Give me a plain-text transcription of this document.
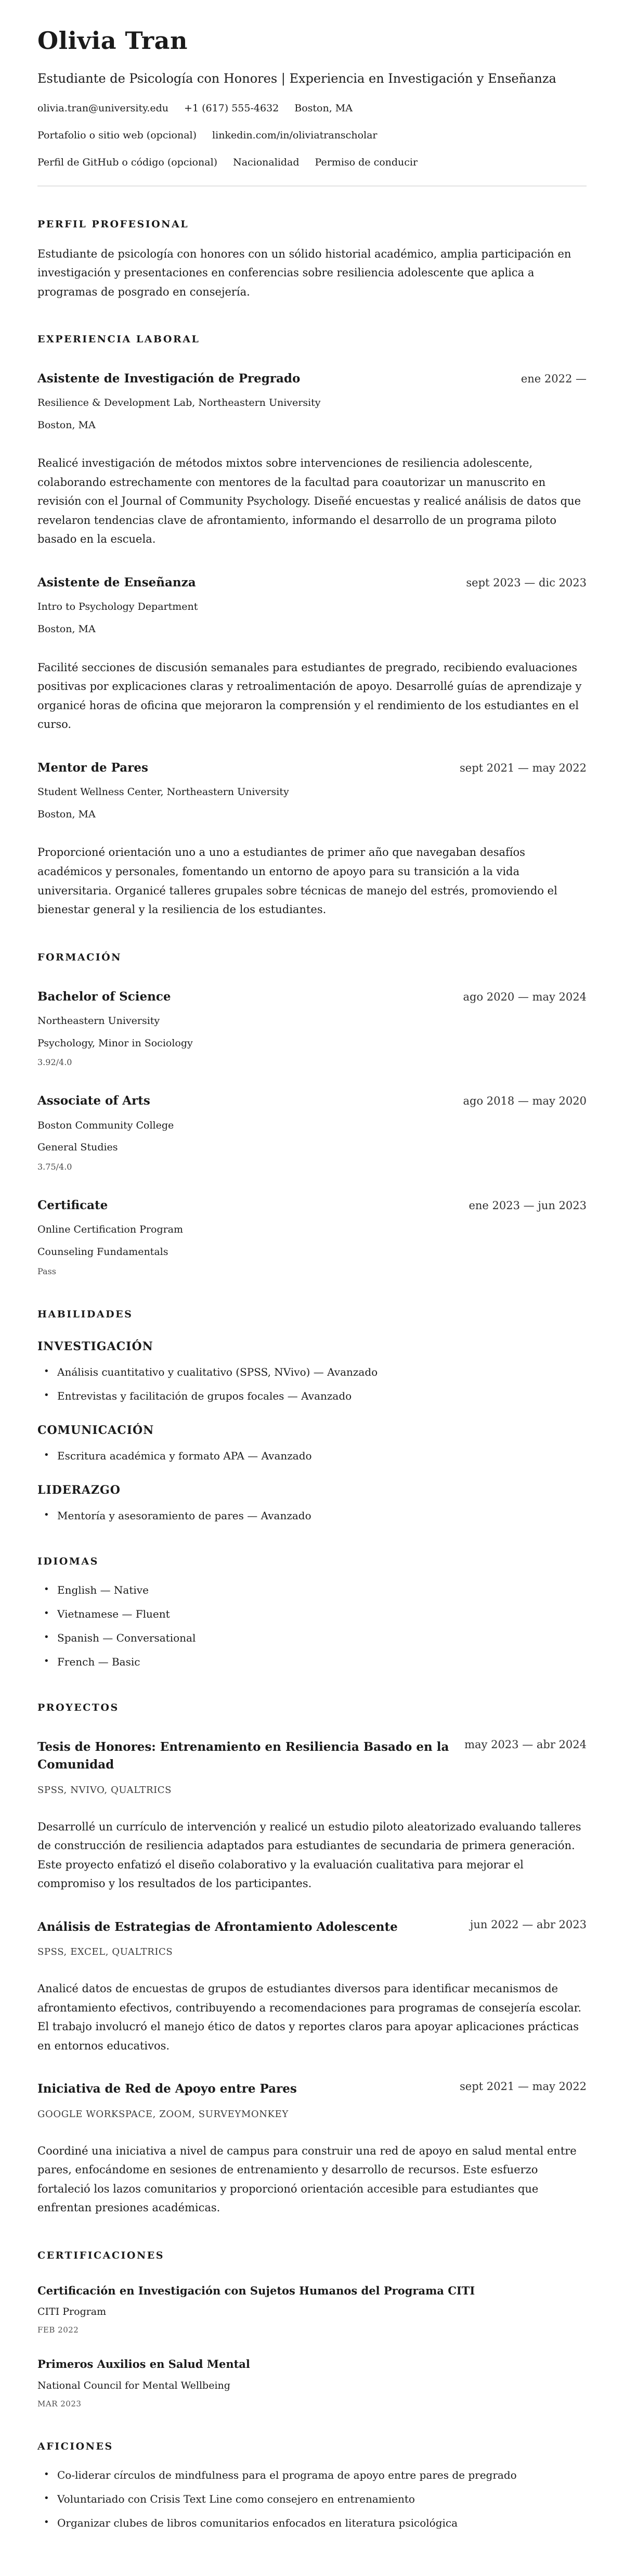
Olivia Tran
Estudiante de Psicología con Honores | Experiencia en Investigación y Enseñanza
olivia.tran@university.edu +1 (617) 555-4632 Boston, MA
Portafolio o sitio web (opcional) linkedin.com/in/oliviatranscholar
Perfil de GitHub o código (opcional) Nacionalidad Permiso de conducir
PERFIL PROFESIONAL

Estudiante de psicología con honores con un sólido historial académico, amplia participación en investigación y presentaciones en conferencias sobre resiliencia adolescente que aplica a programas de posgrado en consejería.

EXPERIENCIA LABORAL
Asistente de Investigación de Pregrado	ene 2022 —
Resilience & Development Lab, Northeastern University
Boston, MA

Realicé investigación de métodos mixtos sobre intervenciones de resiliencia adolescente, colaborando estrechamente con mentores de la facultad para coautorizar un manuscrito en revisión con el Journal of Community Psychology. Diseñé encuestas y realicé análisis de datos que revelaron tendencias clave de afrontamiento, informando el desarrollo de un programa piloto basado en la escuela.

Asistente de Enseñanza	sept 2023 — dic 2023
Intro to Psychology Department
Boston, MA

Facilité secciones de discusión semanales para estudiantes de pregrado, recibiendo evaluaciones positivas por explicaciones claras y retroalimentación de apoyo. Desarrollé guías de aprendizaje y organicé horas de oficina que mejoraron la comprensión y el rendimiento de los estudiantes en el curso.

Mentor de Pares	sept 2021 — may 2022
Student Wellness Center, Northeastern University
Boston, MA

Proporcioné orientación uno a uno a estudiantes de primer año que navegaban desafíos académicos y personales, fomentando un entorno de apoyo para su transición a la vida universitaria. Organicé talleres grupales sobre técnicas de manejo del estrés, promoviendo el bienestar general y la resiliencia de los estudiantes.

FORMACIÓN
Bachelor of Science	ago 2020 — may 2024
Northeastern University
Psychology, Minor in Sociology
3.92/4.0
Associate of Arts	ago 2018 — may 2020
Boston Community College
General Studies
3.75/4.0
Certificate	ene 2023 — jun 2023
Online Certification Program
Counseling Fundamentals
Pass
HABILIDADES
INVESTIGACIÓN
• Análisis cuantitativo y cualitativo (SPSS, NVivo) — Avanzado
• Entrevistas y facilitación de grupos focales — Avanzado
COMUNICACIÓN
• Escritura académica y formato APA — Avanzado
LIDERAZGO
• Mentoría y asesoramiento de pares — Avanzado
IDIOMAS
• English — Native
• Vietnamese — Fluent
• Spanish — Conversational
• French — Basic
PROYECTOS
Tesis de Honores: Entrenamiento en Resiliencia Basado en la Comunidad
may 2023 — abr 2024
SPSS, NVIVO, QUALTRICS

Desarrollé un currículo de intervención y realicé un estudio piloto aleatorizado evaluando talleres de construcción de resiliencia adaptados para estudiantes de secundaria de primera generación. Este proyecto enfatizó el diseño colaborativo y la evaluación cualitativa para mejorar el compromiso y los resultados de los participantes.

Análisis de Estrategias de Afrontamiento Adolescente	jun 2022 — abr 2023
SPSS, EXCEL, QUALTRICS

Analicé datos de encuestas de grupos de estudiantes diversos para identificar mecanismos de afrontamiento efectivos, contribuyendo a recomendaciones para programas de consejería escolar. El trabajo involucró el manejo ético de datos y reportes claros para apoyar aplicaciones prácticas en entornos educativos.

Iniciativa de Red de Apoyo entre Pares	sept 2021 — may 2022
GOOGLE WORKSPACE, ZOOM, SURVEYMONKEY

Coordiné una iniciativa a nivel de campus para construir una red de apoyo en salud mental entre pares, enfocándome en sesiones de entrenamiento y desarrollo de recursos. Este esfuerzo fortaleció los lazos comunitarios y proporcionó orientación accesible para estudiantes que enfrentan presiones académicas.

CERTIFICACIONES
Certificación en Investigación con Sujetos Humanos del Programa CITI
CITI Program
FEB 2022
Primeros Auxilios en Salud Mental
National Council for Mental Wellbeing
MAR 2023
AFICIONES
• Co-liderar círculos de mindfulness para el programa de apoyo entre pares de pregrado
• Voluntariado con Crisis Text Line como consejero en entrenamiento
• Organizar clubes de libros comunitarios enfocados en literatura psicológica
